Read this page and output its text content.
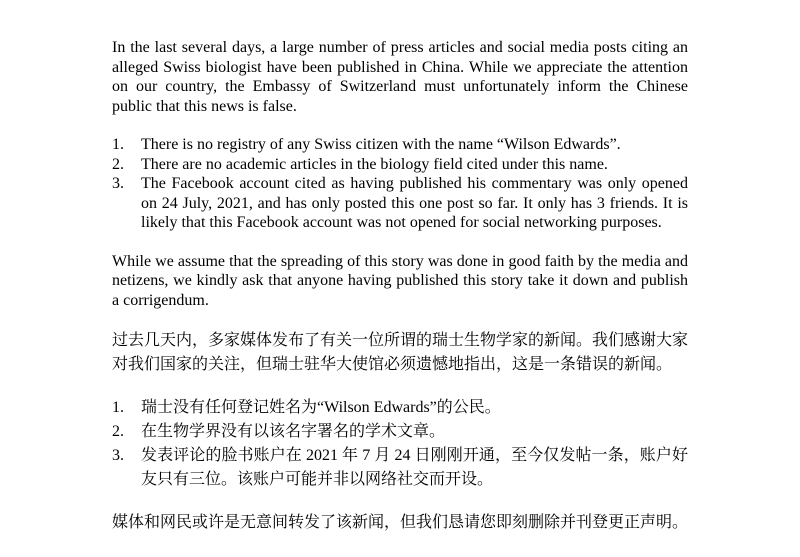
In the last several days, a large number of press articles and social media posts citing an alleged Swiss biologist have been published in China. While we appreciate the attention on our country, the Embassy of Switzerland must unfortunately inform the Chinese public that this news is false.

There is no registry of any Swiss citizen with the name “Wilson Edwards”.
There are no academic articles in the biology field cited under this name.
The Facebook account cited as having published his commentary was only opened on 24 July, 2021, and has only posted this one post so far. It only has 3 friends. It is likely that this Facebook account was not opened for social networking purposes.

While we assume that the spreading of this story was done in good faith by the media and netizens, we kindly ask that anyone having published this story take it down and publish a corrigendum.

过去几天内，多家媒体发布了有关一位所谓的瑞士生物学家的新闻。我们感谢大家对我们国家的关注，但瑞士驻华大使馆必须遗憾地指出，这是一条错误的新闻。

瑞士没有任何登记姓名为“Wilson Edwards”的公民。
在生物学界没有以该名字署名的学术文章。
发表评论的脸书账户在 2021 年 7 月 24 日刚刚开通，至今仅发帖一条，账户好友只有三位。该账户可能并非以网络社交而开设。

媒体和网民或许是无意间转发了该新闻，但我们恳请您即刻删除并刊登更正声明。
